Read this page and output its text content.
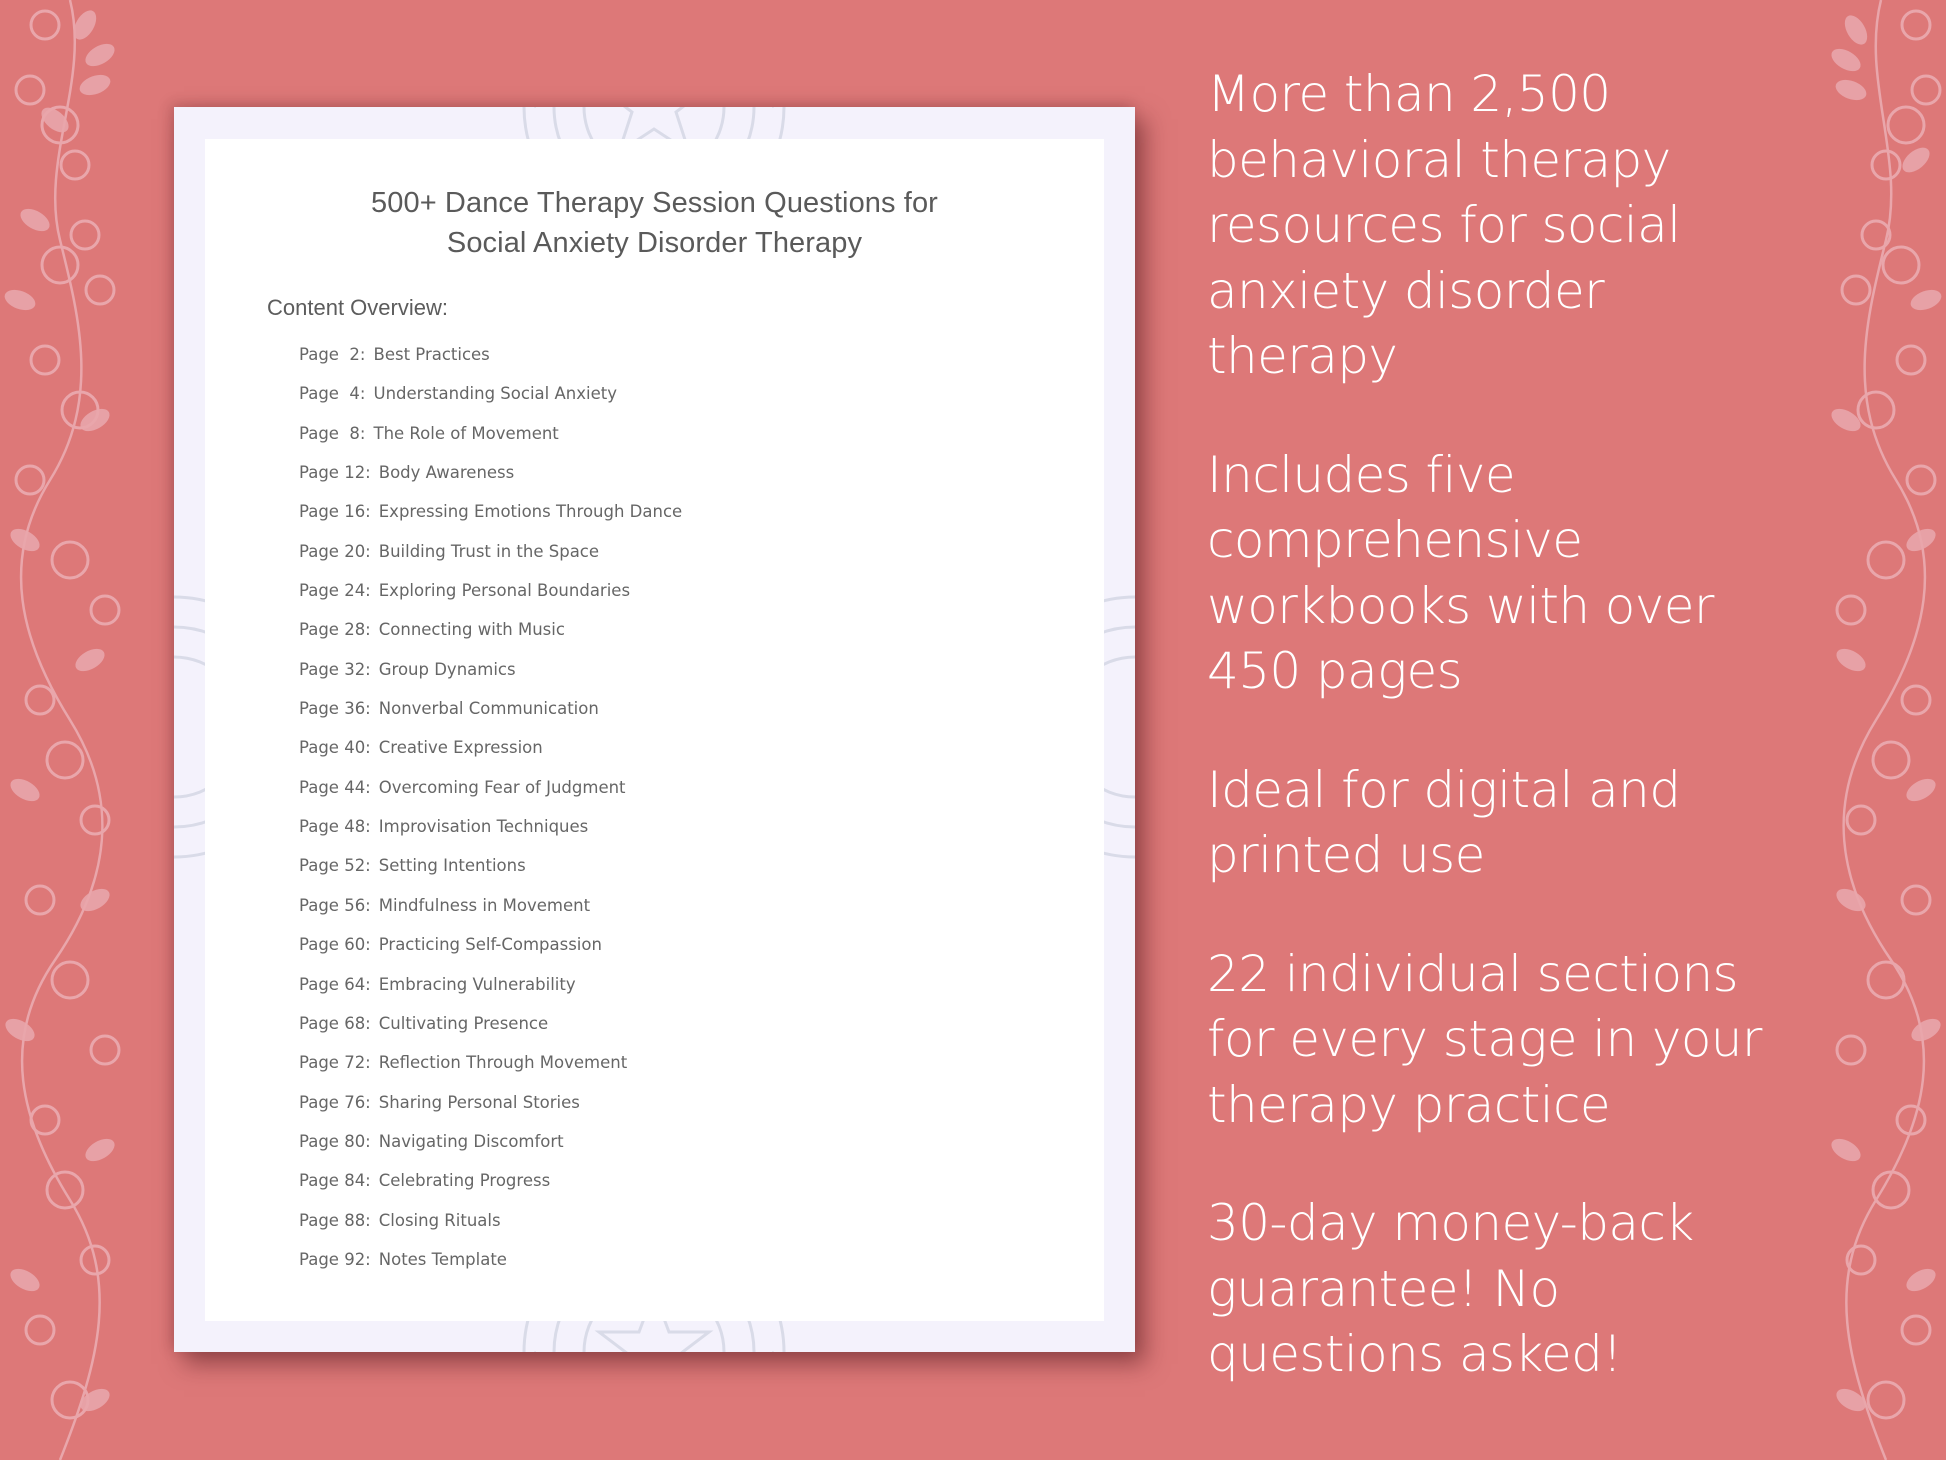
500+ Dance Therapy Session Questions for
Social Anxiety Disorder Therapy
Content Overview:
Page  2: Best Practices
Page  4: Understanding Social Anxiety
Page  8: The Role of Movement
Page 12: Body Awareness
Page 16: Expressing Emotions Through Dance
Page 20: Building Trust in the Space
Page 24: Exploring Personal Boundaries
Page 28: Connecting with Music
Page 32: Group Dynamics
Page 36: Nonverbal Communication
Page 40: Creative Expression
Page 44: Overcoming Fear of Judgment
Page 48: Improvisation Techniques
Page 52: Setting Intentions
Page 56: Mindfulness in Movement
Page 60: Practicing Self-Compassion
Page 64: Embracing Vulnerability
Page 68: Cultivating Presence
Page 72: Reflection Through Movement
Page 76: Sharing Personal Stories
Page 80: Navigating Discomfort
Page 84: Celebrating Progress
Page 88: Closing Rituals
Page 92: Notes Template
More than 2,500
behavioral therapy
resources for social
anxiety disorder
therapy
Includes five
comprehensive
workbooks with over
450 pages
Ideal for digital and
printed use
22 individual sections
for every stage in your
therapy practice
30-day money-back
guarantee! No
questions asked!
